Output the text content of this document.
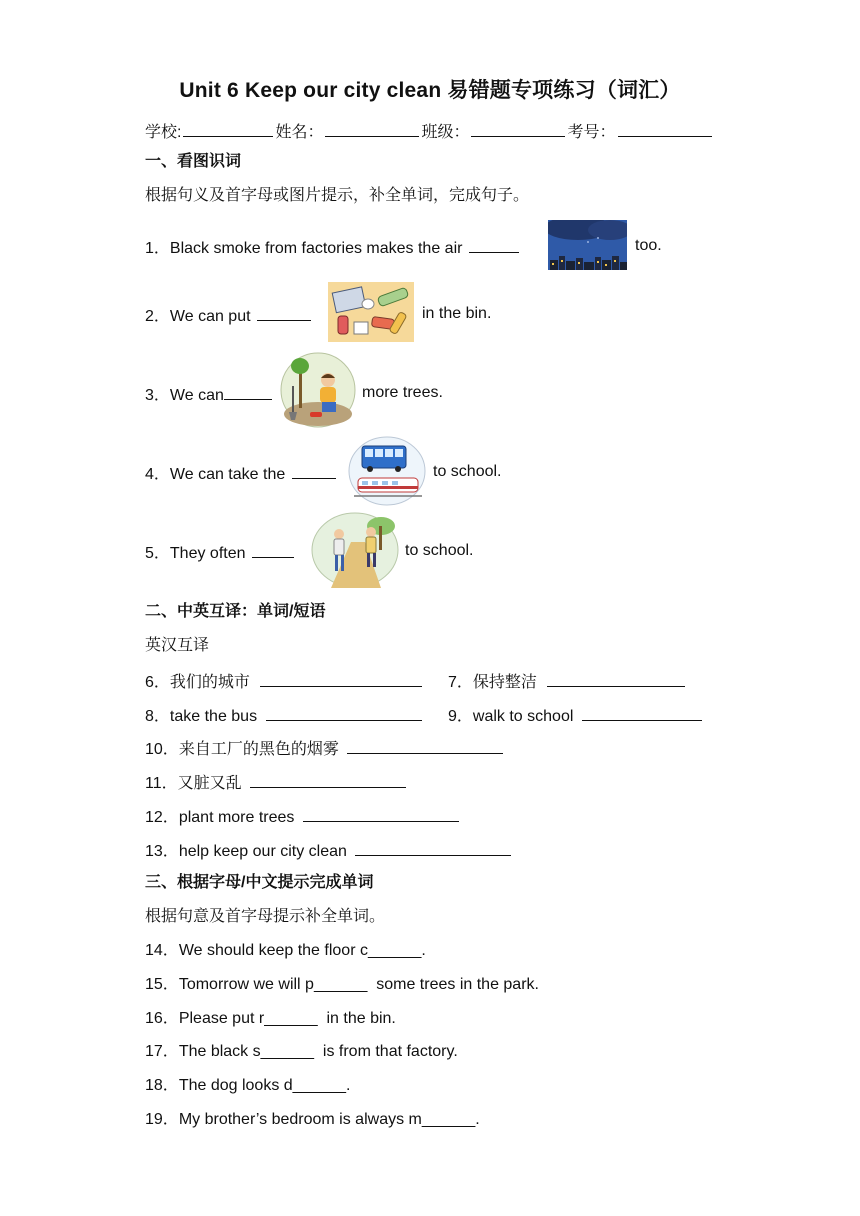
Unit 6 Keep our city clean 易错题专项练习（词汇）
学校:	姓名：	班级：	考号：
一、看图识词
根据句义及首字母或图片提示，补全单词，完成句子。
1．Black smoke from factories makes the air	too.
2．We can put	in the bin.
3．We can	more trees.
4．We can take the	to school.
5．They often	to school.
二、中英互译：单词/短语
英汉互译
6．我们的城市	7．保持整洁
8．take the bus	9．walk to school
10．来自工厂的黑色的烟雾
11．又脏又乱
12．plant more trees
13．help keep our city clean
三、根据字母/中文提示完成单词
根据句意及首字母提示补全单词。
14．We should keep the floor c______.
15．Tomorrow we will p______  some trees in the park.
16．Please put r______  in the bin.
17．The black s______  is from that factory.
18．The dog looks d______.
19．My brother’s bedroom is always m______.
